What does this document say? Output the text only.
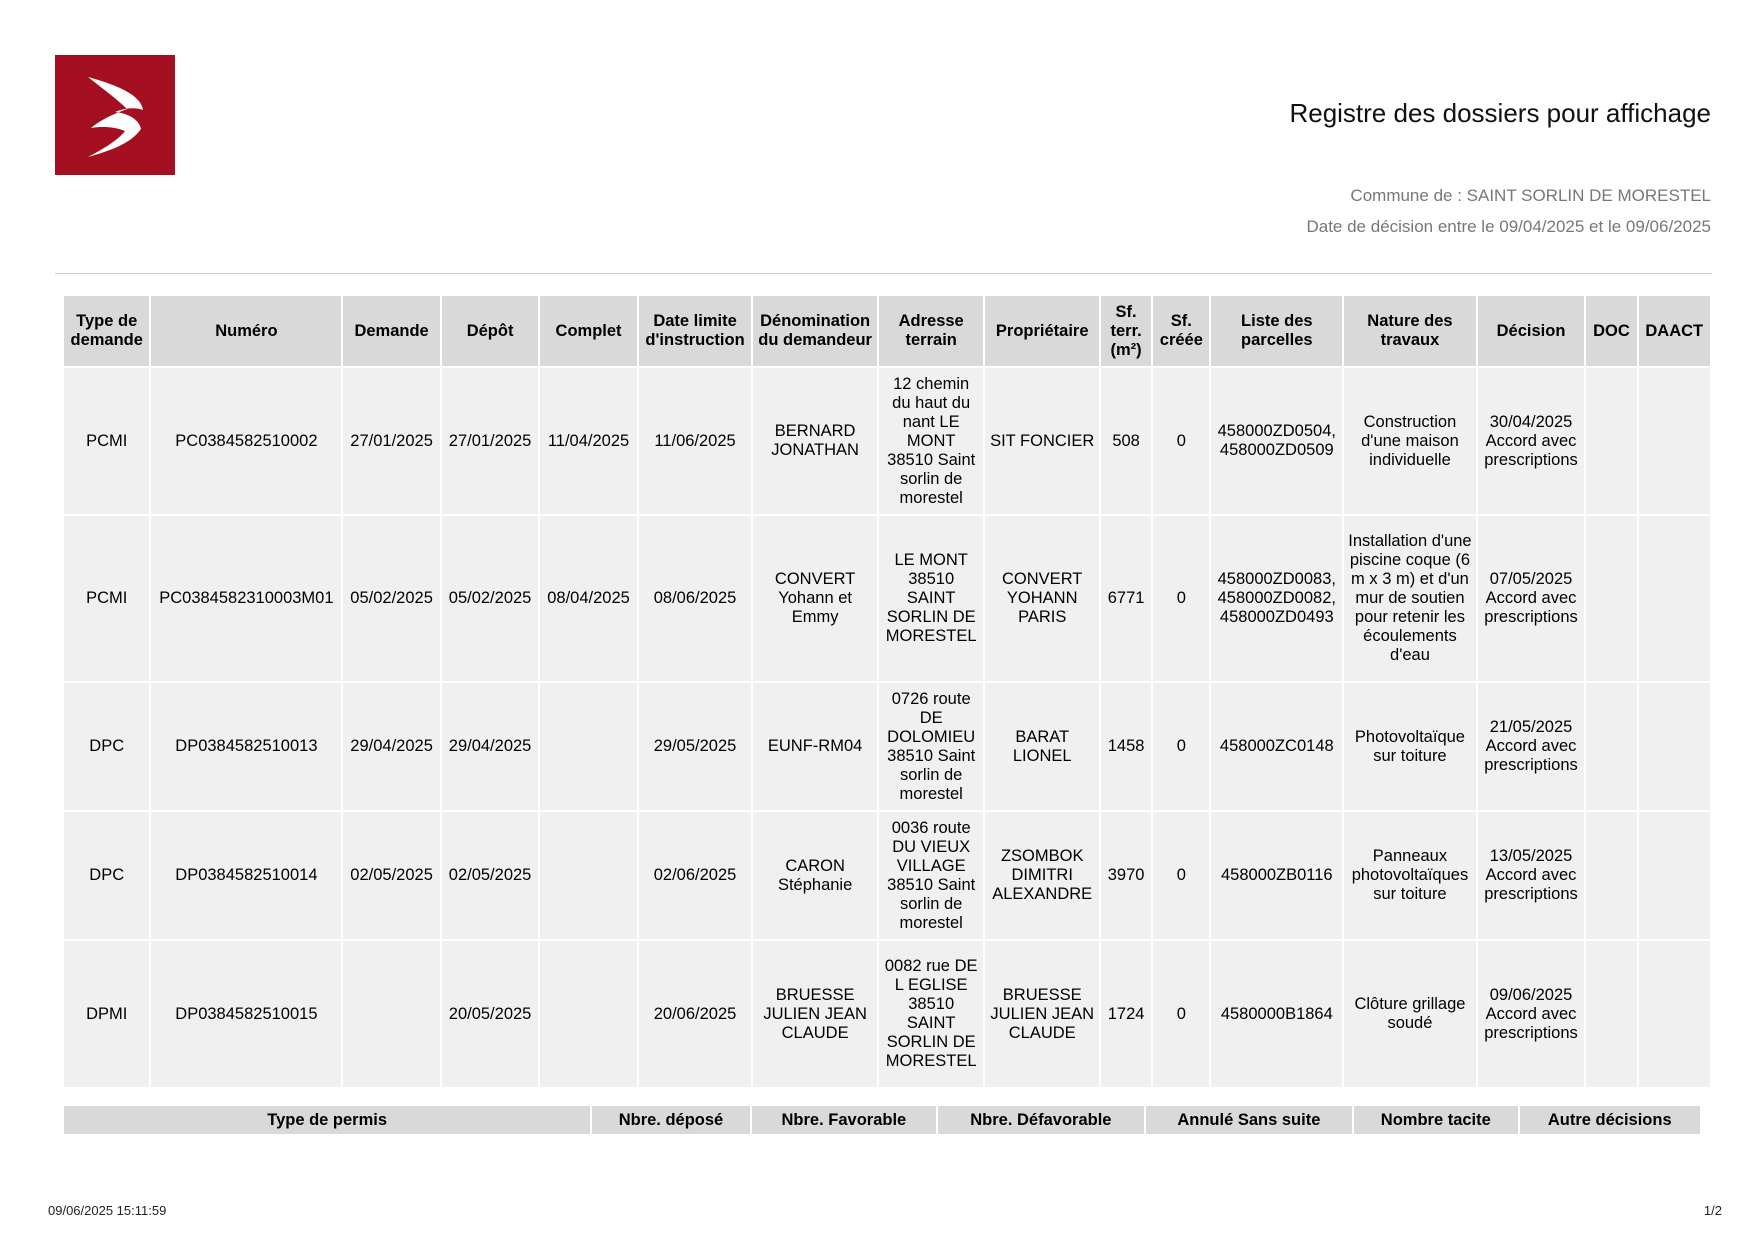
Registre des dossiers pour affichage
Commune de : SAINT SORLIN DE MORESTEL
Date de décision entre le 09/04/2025 et le 09/06/2025
Type de demande	Numéro	Demande	Dépôt	Complet	Date limite d'instruction	Dénomination du demandeur	Adresse terrain	Propriétaire	Sf. terr. (m²)	Sf. créée	Liste des parcelles	Nature des travaux	Décision	DOC	DAACT
PCMI	PC0384582510002	27/01/2025	27/01/2025	11/04/2025	11/06/2025	BERNARD JONATHAN	12 chemin du haut du nant LE MONT 38510 Saint sorlin de morestel	SIT FONCIER	508	0	458000ZD0504, 458000ZD0509	Construction d'une maison individuelle	30/04/2025 Accord avec prescriptions		
PCMI	PC0384582310003M01	05/02/2025	05/02/2025	08/04/2025	08/06/2025	CONVERT Yohann et Emmy	LE MONT 38510 SAINT SORLIN DE MORESTEL	CONVERT YOHANN PARIS	6771	0	458000ZD0083, 458000ZD0082, 458000ZD0493	Installation d'une piscine coque (6 m x 3 m) et d'un mur de soutien pour retenir les écoulements d'eau	07/05/2025 Accord avec prescriptions		
DPC	DP0384582510013	29/04/2025	29/04/2025		29/05/2025	EUNF-RM04	0726 route DE DOLOMIEU 38510 Saint sorlin de morestel	BARAT LIONEL	1458	0	458000ZC0148	Photovoltaïque sur toiture	21/05/2025 Accord avec prescriptions		
DPC	DP0384582510014	02/05/2025	02/05/2025		02/06/2025	CARON Stéphanie	0036 route DU VIEUX VILLAGE 38510 Saint sorlin de morestel	ZSOMBOK DIMITRI ALEXANDRE	3970	0	458000ZB0116	Panneaux photovoltaïques sur toiture	13/05/2025 Accord avec prescriptions		
DPMI	DP0384582510015		20/05/2025		20/06/2025	BRUESSE JULIEN JEAN CLAUDE	0082 rue DE L EGLISE 38510 SAINT SORLIN DE MORESTEL	BRUESSE JULIEN JEAN CLAUDE	1724	0	4580000B1864	Clôture grillage soudé	09/06/2025 Accord avec prescriptions		
Type de permis	Nbre. déposé	Nbre. Favorable	Nbre. Défavorable	Annulé Sans suite	Nombre tacite	Autre décisions
09/06/2025 15:11:59	1/2
